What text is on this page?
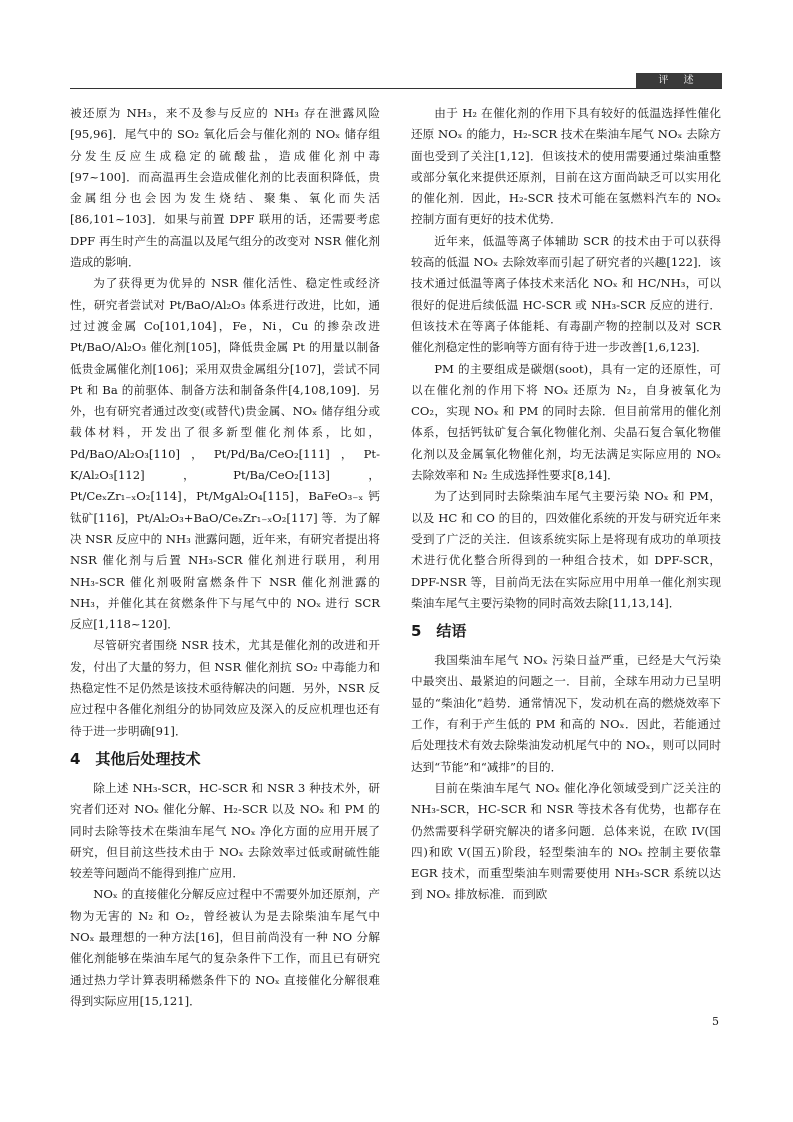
评 述

被还原为 NH₃，来不及参与反应的 NH₃ 存在泄露风险[95,96]．尾气中的 SO₂ 氧化后会与催化剂的 NOₓ 储存组分发生反应生成稳定的硫酸盐，造成催化剂中毒[97~100]．而高温再生会造成催化剂的比表面积降低，贵金属组分也会因为发生烧结、聚集、氧化而失活[86,101~103]．如果与前置 DPF 联用的话，还需要考虑 DPF 再生时产生的高温以及尾气组分的改变对 NSR 催化剂造成的影响．

为了获得更为优异的 NSR 催化活性、稳定性或经济性，研究者尝试对 Pt/BaO/Al₂O₃ 体系进行改进，比如，通过过渡金属 Co[101,104]，Fe，Ni，Cu 的掺杂改进 Pt/BaO/Al₂O₃ 催化剂[105]，降低贵金属 Pt 的用量以制备低贵金属催化剂[106]；采用双贵金属组分[107]，尝试不同 Pt 和 Ba 的前驱体、制备方法和制备条件[4,108,109]．另外，也有研究者通过改变(或替代)贵金属、NOₓ 储存组分或载体材料，开发出了很多新型催化剂体系，比如，Pd/BaO/Al₂O₃[110]，Pt/Pd/Ba/CeO₂[111]，Pt-K/Al₂O₃[112]，Pt/Ba/CeO₂[113]，Pt/CeₓZr₁₋ₓO₂[114]，Pt/MgAl₂O₄[115]，BaFeO₃₋ₓ 钙钛矿[116]，Pt/Al₂O₃+BaO/CeₓZr₁₋ₓO₂[117] 等．为了解决 NSR 反应中的 NH₃ 泄露问题，近年来，有研究者提出将 NSR 催化剂与后置 NH₃-SCR 催化剂进行联用，利用 NH₃-SCR 催化剂吸附富燃条件下 NSR 催化剂泄露的 NH₃，并催化其在贫燃条件下与尾气中的 NOₓ 进行 SCR 反应[1,118~120]．

尽管研究者围绕 NSR 技术，尤其是催化剂的改进和开发，付出了大量的努力，但 NSR 催化剂抗 SO₂ 中毒能力和热稳定性不足仍然是该技术亟待解决的问题．另外，NSR 反应过程中各催化剂组分的协同效应及深入的反应机理也还有待于进一步明确[91]．

4　其他后处理技术

除上述 NH₃-SCR，HC-SCR 和 NSR 3 种技术外，研究者们还对 NOₓ 催化分解、H₂-SCR 以及 NOₓ 和 PM 的同时去除等技术在柴油车尾气 NOₓ 净化方面的应用开展了研究，但目前这些技术由于 NOₓ 去除效率过低或耐硫性能较差等问题尚不能得到推广应用．

NOₓ 的直接催化分解反应过程中不需要外加还原剂，产物为无害的 N₂ 和 O₂，曾经被认为是去除柴油车尾气中 NOₓ 最理想的一种方法[16]，但目前尚没有一种 NO 分解催化剂能够在柴油车尾气的复杂条件下工作，而且已有研究通过热力学计算表明稀燃条件下的 NOₓ 直接催化分解很难得到实际应用[15,121]．

由于 H₂ 在催化剂的作用下具有较好的低温选择性催化还原 NOₓ 的能力，H₂-SCR 技术在柴油车尾气 NOₓ 去除方面也受到了关注[1,12]．但该技术的使用需要通过柴油重整或部分氧化来提供还原剂，目前在这方面尚缺乏可以实用化的催化剂．因此，H₂-SCR 技术可能在氢燃料汽车的 NOₓ 控制方面有更好的技术优势．

近年来，低温等离子体辅助 SCR 的技术由于可以获得较高的低温 NOₓ 去除效率而引起了研究者的兴趣[122]．该技术通过低温等离子体技术来活化 NOₓ 和 HC/NH₃，可以很好的促进后续低温 HC-SCR 或 NH₃-SCR 反应的进行．但该技术在等离子体能耗、有毒副产物的控制以及对 SCR 催化剂稳定性的影响等方面有待于进一步改善[1,6,123]．

PM 的主要组成是碳烟(soot)，具有一定的还原性，可以在催化剂的作用下将 NOₓ 还原为 N₂，自身被氧化为 CO₂，实现 NOₓ 和 PM 的同时去除．但目前常用的催化剂体系，包括钙钛矿复合氧化物催化剂、尖晶石复合氧化物催化剂以及金属氧化物催化剂，均无法满足实际应用的 NOₓ 去除效率和 N₂ 生成选择性要求[8,14]．

为了达到同时去除柴油车尾气主要污染 NOₓ 和 PM，以及 HC 和 CO 的目的，四效催化系统的开发与研究近年来受到了广泛的关注．但该系统实际上是将现有成功的单项技术进行优化整合所得到的一种组合技术，如 DPF-SCR，DPF-NSR 等，目前尚无法在实际应用中用单一催化剂实现柴油车尾气主要污染物的同时高效去除[11,13,14]．

5　结语

我国柴油车尾气 NOₓ 污染日益严重，已经是大气污染中最突出、最紧迫的问题之一．目前，全球车用动力已呈明显的“柴油化”趋势．通常情况下，发动机在高的燃烧效率下工作，有利于产生低的 PM 和高的 NOₓ．因此，若能通过后处理技术有效去除柴油发动机尾气中的 NOₓ，则可以同时达到“节能”和“减排”的目的．

目前在柴油车尾气 NOₓ 催化净化领域受到广泛关注的 NH₃-SCR，HC-SCR 和 NSR 等技术各有优势，也都存在仍然需要科学研究解决的诸多问题．总体来说，在欧 IV(国四)和欧 V(国五)阶段，轻型柴油车的 NOₓ 控制主要依靠 EGR 技术，而重型柴油车则需要使用 NH₃-SCR 系统以达到 NOₓ 排放标准．而到欧

5
